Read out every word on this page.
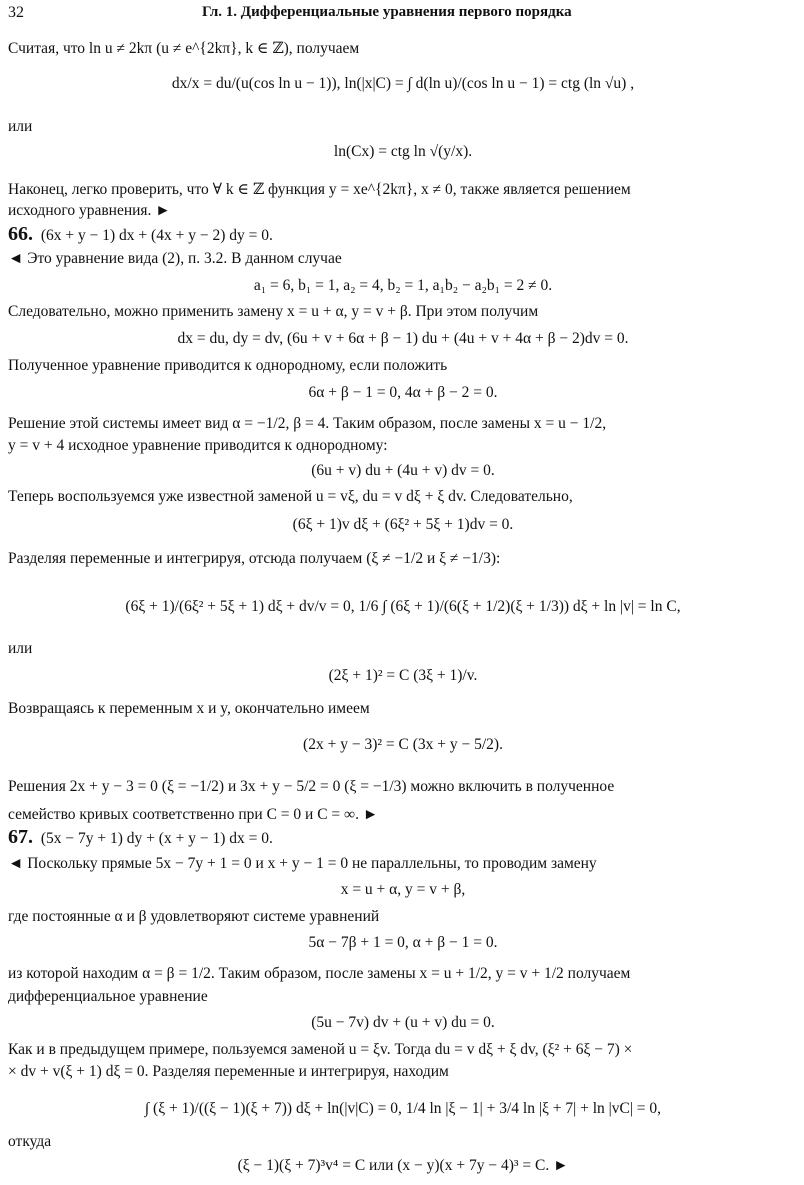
32	Гл. 1. Дифференциальные уравнения первого порядка
Считая, что ln u ≠ 2kπ (u ≠ e^{2kπ}, k ∈ ℤ), получаем
dx/x = du/(u(cos ln u − 1)), ln(|x|C) = ∫ d(ln u)/(cos ln u − 1) = ctg (ln √u) ,
или
ln(Cx) = ctg ln √(y/x).
Наконец, легко проверить, что ∀ k ∈ ℤ функция y = xe^{2kπ}, x ≠ 0, также является решением
исходного уравнения. ►
66. (6x + y − 1) dx + (4x + y − 2) dy = 0.
◄ Это уравнение вида (2), п. 3.2. В данном случае
a₁ = 6, b₁ = 1, a₂ = 4, b₂ = 1, a₁b₂ − a₂b₁ = 2 ≠ 0.
Следовательно, можно применить замену x = u + α, y = v + β. При этом получим
dx = du, dy = dv, (6u + v + 6α + β − 1) du + (4u + v + 4α + β − 2)dv = 0.
Полученное уравнение приводится к однородному, если положить
6α + β − 1 = 0, 4α + β − 2 = 0.
Решение этой системы имеет вид α = −1/2, β = 4. Таким образом, после замены x = u − 1/2,
y = v + 4 исходное уравнение приводится к однородному:
(6u + v) du + (4u + v) dv = 0.
Теперь воспользуемся уже известной заменой u = vξ, du = v dξ + ξ dv. Следовательно,
(6ξ + 1)v dξ + (6ξ² + 5ξ + 1)dv = 0.
Разделяя переменные и интегрируя, отсюда получаем (ξ ≠ −1/2 и ξ ≠ −1/3):
(6ξ + 1)/(6ξ² + 5ξ + 1) dξ + dv/v = 0, 1/6 ∫ (6ξ + 1)/(6(ξ + 1/2)(ξ + 1/3)) dξ + ln |v| = ln C,
или
(2ξ + 1)² = C (3ξ + 1)/v.
Возвращаясь к переменным x и y, окончательно имеем
(2x + y − 3)² = C (3x + y − 5/2).
Решения 2x + y − 3 = 0 (ξ = −1/2) и 3x + y − 5/2 = 0 (ξ = −1/3) можно включить в полученное
семейство кривых соответственно при C = 0 и C = ∞. ►
67. (5x − 7y + 1) dy + (x + y − 1) dx = 0.
◄ Поскольку прямые 5x − 7y + 1 = 0 и x + y − 1 = 0 не параллельны, то проводим замену
x = u + α, y = v + β,
где постоянные α и β удовлетворяют системе уравнений
5α − 7β + 1 = 0, α + β − 1 = 0.
из которой находим α = β = 1/2. Таким образом, после замены x = u + 1/2, y = v + 1/2 получаем
дифференциальное уравнение
(5u − 7v) dv + (u + v) du = 0.
Как и в предыдущем примере, пользуемся заменой u = ξv. Тогда du = v dξ + ξ dv, (ξ² + 6ξ − 7) ×
× dv + v(ξ + 1) dξ = 0. Разделяя переменные и интегрируя, находим
∫ (ξ + 1)/((ξ − 1)(ξ + 7)) dξ + ln(|v|C) = 0, 1/4 ln |ξ − 1| + 3/4 ln |ξ + 7| + ln |vC| = 0,
откуда
(ξ − 1)(ξ + 7)³v⁴ = C или (x − y)(x + 7y − 4)³ = C. ►
